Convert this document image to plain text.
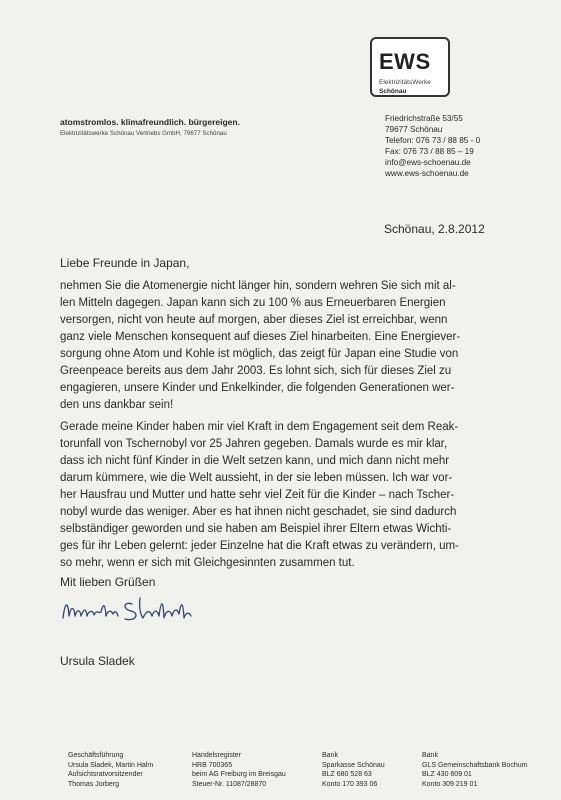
EWS
ElektrizitätsWerke
Schönau
atomstromlos. klimafreundlich. bürgereigen.
Elektrizitätswerke Schönau Vertriebs GmbH, 79677 Schönau
Friedrichstraße 53/55
79677 Schönau
Telefon: 076 73 / 88 85 - 0
Fax: 076 73 / 88 85 – 19
info@ews-schoenau.de
www.ews-schoenau.de
Schönau, 2.8.2012
Liebe Freunde in Japan,
nehmen Sie die Atomenergie nicht länger hin, sondern wehren Sie sich mit al-
len Mitteln dagegen. Japan kann sich zu 100 % aus Erneuerbaren Energien
versorgen, nicht von heute auf morgen, aber dieses Ziel ist erreichbar, wenn
ganz viele Menschen konsequent auf dieses Ziel hinarbeiten. Eine Energiever-
sorgung ohne Atom und Kohle ist möglich, das zeigt für Japan eine Studie von
Greenpeace bereits aus dem Jahr 2003. Es lohnt sich, sich für dieses Ziel zu
engagieren, unsere Kinder und Enkelkinder, die folgenden Generationen wer-
den uns dankbar sein!
Gerade meine Kinder haben mir viel Kraft in dem Engagement seit dem Reak-
torunfall von Tschernobyl vor 25 Jahren gegeben. Damals wurde es mir klar,
dass ich nicht fünf Kinder in die Welt setzen kann, und mich dann nicht mehr
darum kümmere, wie die Welt aussieht, in der sie leben müssen. Ich war vor-
her Hausfrau und Mutter und hatte sehr viel Zeit für die Kinder – nach Tscher-
nobyl wurde das weniger. Aber es hat ihnen nicht geschadet, sie sind dadurch
selbständiger geworden und sie haben am Beispiel ihrer Eltern etwas Wichti-
ges für ihr Leben gelernt: jeder Einzelne hat die Kraft etwas zu verändern, um-
so mehr, wenn er sich mit Gleichgesinnten zusammen tut.
Mit lieben Grüßen
Ursula Sladek
Geschäftsführung
Ursula Sladek, Martin Halm
Aufsichtsratvorsitzender
Thomas Jorberg
Handelsregister
HRB 700365
beim AG Freiburg im Breisgau
Steuer-Nr. 11087/28870
Bank
Sparkasse Schönau
BLZ 680 528 63
Konto 170 393 06
Bank
GLS Gemeinschaftsbank Bochum
BLZ 430 609 01
Konto 309 219 01
